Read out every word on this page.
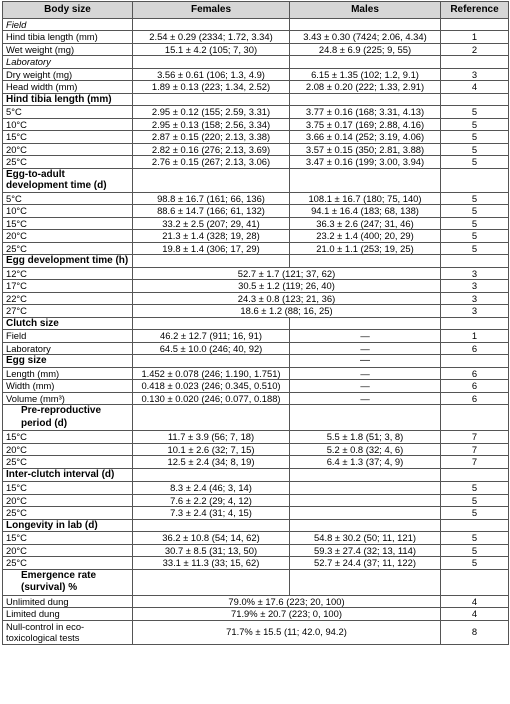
Body size	Females	Males	Reference
Field			
Hind tibia length (mm)	2.54 ± 0.29 (2334; 1.72, 3.34)	3.43 ± 0.30 (7424; 2.06, 4.34)	1
Wet weight (mg)	15.1 ± 4.2 (105; 7, 30)	24.8 ± 6.9 (225; 9, 55)	2
Laboratory			
Dry weight (mg)	3.56 ± 0.61 (106; 1.3, 4.9)	6.15 ± 1.35 (102; 1.2, 9.1)	3
Head width (mm)	1.89 ± 0.13 (223; 1.34, 2.52)	2.08 ± 0.20 (222; 1.33, 2.91)	4
Hind tibia length (mm)			
5°C	2.95 ± 0.12 (155; 2.59, 3.31)	3.77 ± 0.16 (168; 3.31, 4.13)	5
10°C	2.95 ± 0.13 (158; 2.56, 3.34)	3.75 ± 0.17 (169; 2.88, 4.16)	5
15°C	2.87 ± 0.15 (220; 2.13, 3.38)	3.66 ± 0.14 (252; 3.19, 4.06)	5
20°C	2.82 ± 0.16 (276; 2.13, 3.69)	3.57 ± 0.15 (350; 2.81, 3.88)	5
25°C	2.76 ± 0.15 (267; 2.13, 3.06)	3.47 ± 0.16 (199; 3.00, 3.94)	5
Egg-to-adult development time (d)			
5°C	98.8 ± 16.7 (161; 66, 136)	108.1 ± 16.7 (180; 75, 140)	5
10°C	88.6 ± 14.7 (166; 61, 132)	94.1 ± 16.4 (183; 68, 138)	5
15°C	33.2 ± 2.5 (207; 29, 41)	36.3 ± 2.6 (247; 31, 46)	5
20°C	21.3 ± 1.4 (328; 19, 28)	23.2 ± 1.4 (400; 20, 29)	5
25°C	19.8 ± 1.4 (306; 17, 29)	21.0 ± 1.1 (253; 19, 25)	5
Egg development time (h)			
12°C	52.7 ± 1.7 (121; 37, 62)		3
17°C	30.5 ± 1.2 (119; 26, 40)		3
22°C	24.3 ± 0.8 (123; 21, 36)		3
27°C	18.6 ± 1.2 (88; 16, 25)		3
Clutch size			
Field	46.2 ± 12.7 (911; 16, 91)	—	1
Laboratory	64.5 ± 10.0 (246; 40, 92)	—	6
Egg size		—	
Length (mm)	1.452 ± 0.078 (246; 1.190, 1.751)	—	6
Width (mm)	0.418 ± 0.023 (246; 0.345, 0.510)	—	6
Volume (mm³)	0.130 ± 0.020 (246; 0.077, 0.188)	—	6
Pre-reproductive period (d)			
15°C	11.7 ± 3.9 (56; 7, 18)	5.5 ± 1.8 (51; 3, 8)	7
20°C	10.1 ± 2.6 (32; 7, 15)	5.2 ± 0.8 (32; 4, 6)	7
25°C	12.5 ± 2.4 (34; 8, 19)	6.4 ± 1.3 (37; 4, 9)	7
Inter-clutch interval (d)			
15°C	8.3 ± 2.4 (46; 3, 14)		5
20°C	7.6 ± 2.2 (29; 4, 12)		5
25°C	7.3 ± 2.4 (31; 4, 15)		5
Longevity in lab (d)			
15°C	36.2 ± 10.8 (54; 14, 62)	54.8 ± 30.2 (50; 11, 121)	5
20°C	30.7 ± 8.5 (31; 13, 50)	59.3 ± 27.4 (32; 13, 114)	5
25°C	33.1 ± 11.3 (33; 15, 62)	52.7 ± 24.4 (37; 11, 122)	5
Emergence rate (survival) %			
Unlimited dung	79.0% ± 17.6 (223; 20, 100)		4
Limited dung	71.9% ± 20.7 (223; 0, 100)		4
Null-control in eco-toxicological tests	71.7% ± 15.5 (11; 42.0, 94.2)		8
